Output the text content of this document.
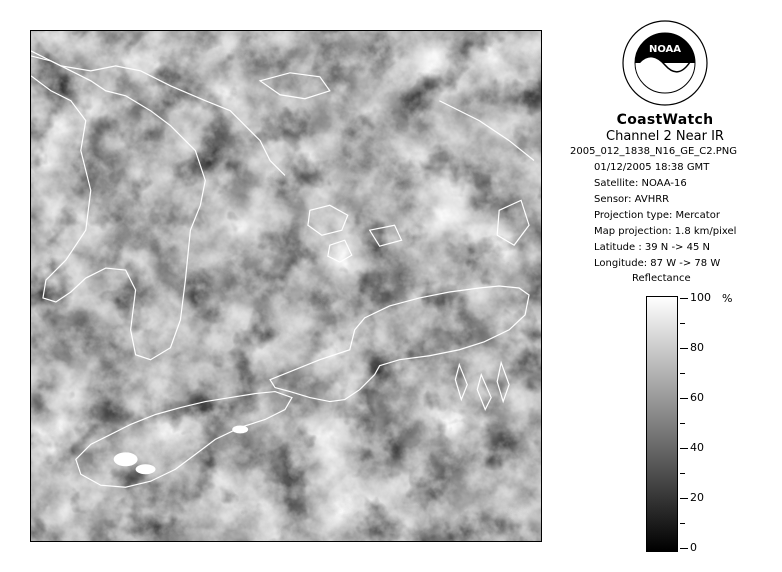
NOAA
CoastWatch
Channel 2 Near IR
2005_012_1838_N16_GE_C2.PNG
01/12/2005 18:38 GMT
Satellite: NOAA-16
Sensor: AVHRR
Projection type: Mercator
Map projection: 1.8 km/pixel
Latitude : 39 N -> 45 N
Longitude: 87 W -> 78 W
Reflectance
%
100
80
60
40
20
0
